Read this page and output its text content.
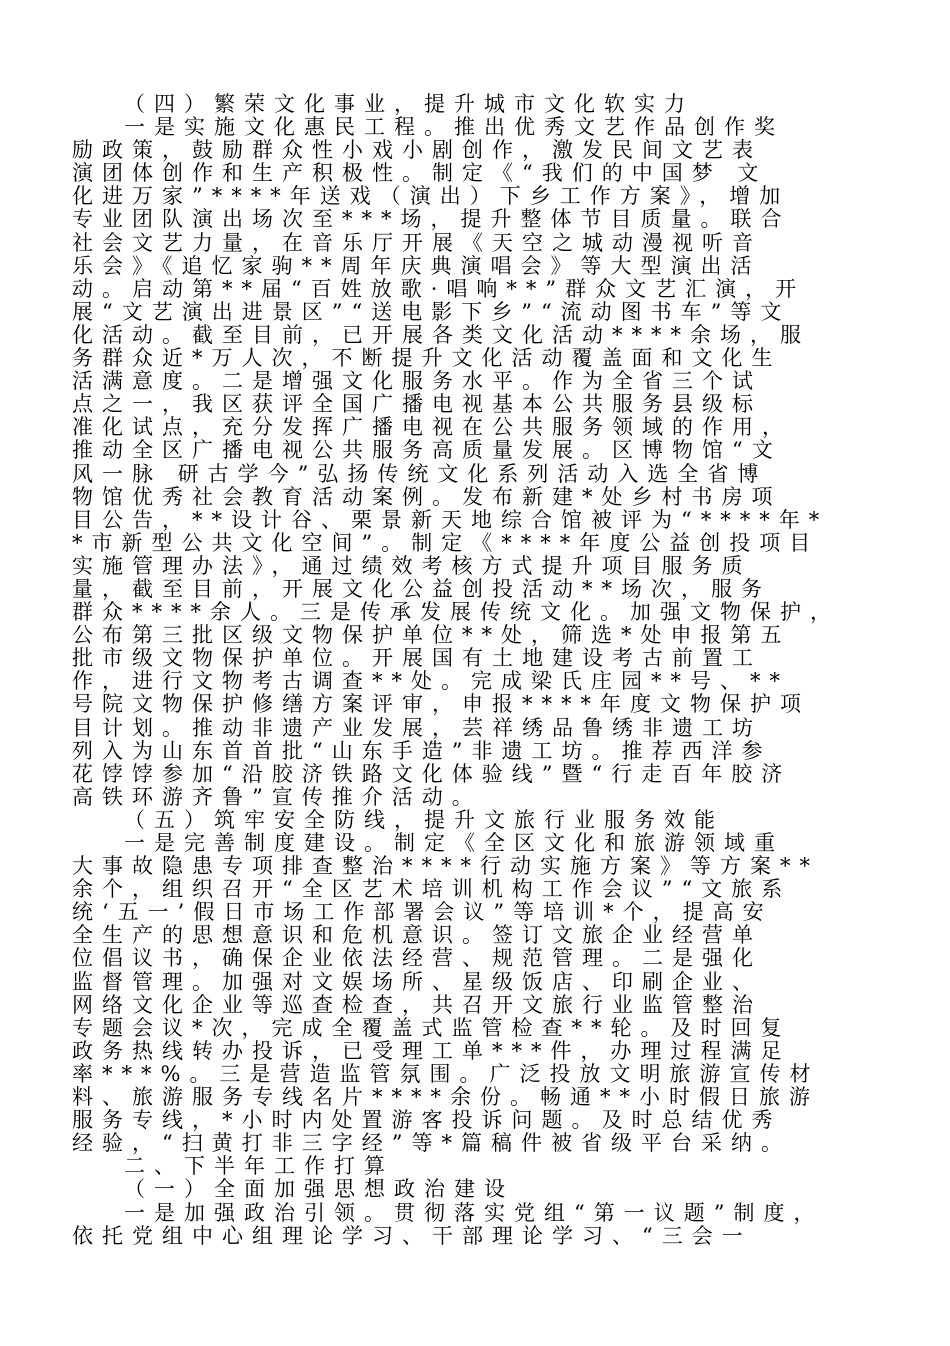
（四）繁荣文化事业，提升城市文化软实力
一是实施文化惠民工程。推出优秀文艺作品创作奖
励政策，鼓励群众性小戏小剧创作，激发民间文艺表
演团体创作和生产积极性。制定《“我们的中国梦 文
化进万家”****年送戏（演出）下乡工作方案》，增加
专业团队演出场次至***场，提升整体节目质量。联合
社会文艺力量，在音乐厅开展《天空之城动漫视听音
乐会》《追忆家驹**周年庆典演唱会》等大型演出活
动。启动第**届“百姓放歌·唱响**”群众文艺汇演，开
展“文艺演出进景区”“送电影下乡”“流动图书车”等文
化活动。截至目前，已开展各类文化活动****余场，服
务群众近*万人次，不断提升文化活动覆盖面和文化生
活满意度。二是增强文化服务水平。作为全省三个试
点之一，我区获评全国广播电视基本公共服务县级标
准化试点，充分发挥广播电视在公共服务领域的作用，
推动全区广播电视公共服务高质量发展。区博物馆“文
风一脉 研古学今”弘扬传统文化系列活动入选全省博
物馆优秀社会教育活动案例。发布新建*处乡村书房项
目公告，**设计谷、栗景新天地综合馆被评为“****年*
*市新型公共文化空间”。制定《****年度公益创投项目
实施管理办法》，通过绩效考核方式提升项目服务质
量，截至目前，开展文化公益创投活动**场次，服务
群众****余人。三是传承发展传统文化。加强文物保护，
公布第三批区级文物保护单位**处，筛选*处申报第五
批市级文物保护单位。开展国有土地建设考古前置工
作，进行文物考古调查**处。完成梁氏庄园**号、**
号院文物保护修缮方案评审，申报****年度文物保护项
目计划。推动非遗产业发展，芸祥绣品鲁绣非遗工坊
列入为山东首首批“山东手造”非遗工坊。推荐西洋参
花饽饽参加“沿胶济铁路文化体验线”暨“行走百年胶济
高铁环游齐鲁”宣传推介活动。
（五）筑牢安全防线，提升文旅行业服务效能
一是完善制度建设。制定《全区文化和旅游领域重
大事故隐患专项排查整治****行动实施方案》等方案**
余个，组织召开“全区艺术培训机构工作会议”“文旅系
统‘五一’假日市场工作部署会议”等培训*个，提高安
全生产的思想意识和危机意识。签订文旅企业经营单
位倡议书，确保企业依法经营、规范管理。二是强化
监督管理。加强对文娱场所、星级饭店、印刷企业、
网络文化企业等巡查检查，共召开文旅行业监管整治
专题会议*次，完成全覆盖式监管检查**轮。及时回复
政务热线转办投诉，已受理工单***件，办理过程满足
率***%。三是营造监管氛围。广泛投放文明旅游宣传材
料、旅游服务专线名片****余份。畅通**小时假日旅游
服务专线，*小时内处置游客投诉问题。及时总结优秀
经验，“扫黄打非三字经”等*篇稿件被省级平台采纳。
二、下半年工作打算
（一）全面加强思想政治建设
一是加强政治引领。贯彻落实党组“第一议题”制度，
依托党组中心组理论学习、干部理论学习、“三会一
